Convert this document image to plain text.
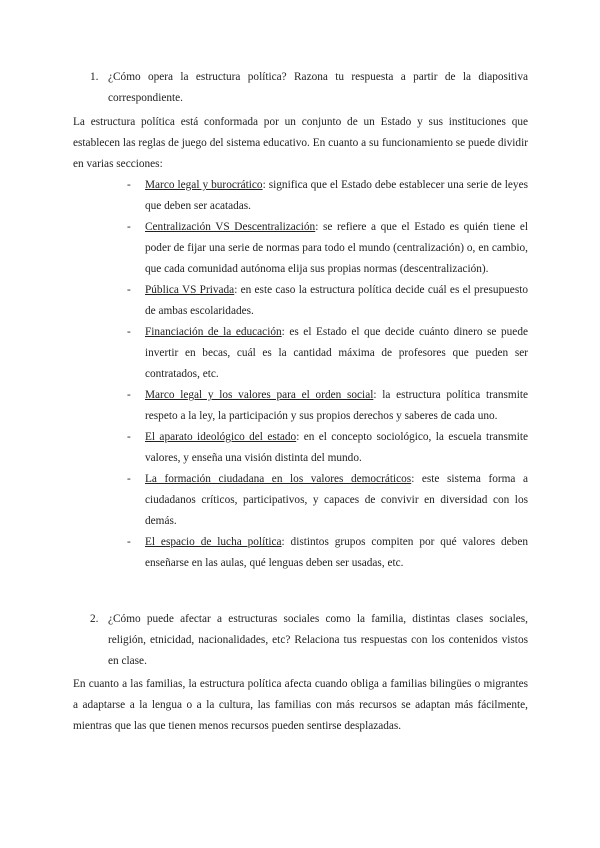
1. ¿Cómo opera la estructura política? Razona tu respuesta a partir de la diapositiva correspondiente.
La estructura política está conformada por un conjunto de un Estado y sus instituciones que establecen las reglas de juego del sistema educativo. En cuanto a su funcionamiento se puede dividir en varias secciones:
- Marco legal y burocrático: significa que el Estado debe establecer una serie de leyes que deben ser acatadas.
- Centralización VS Descentralización: se refiere a que el Estado es quién tiene el poder de fijar una serie de normas para todo el mundo (centralización) o, en cambio, que cada comunidad autónoma elija sus propias normas (descentralización).
- Pública VS Privada: en este caso la estructura política decide cuál es el presupuesto de ambas escolaridades.
- Financiación de la educación: es el Estado el que decide cuánto dinero se puede invertir en becas, cuál es la cantidad máxima de profesores que pueden ser contratados, etc.
- Marco legal y los valores para el orden social: la estructura política transmite respeto a la ley, la participación y sus propios derechos y saberes de cada uno.
- El aparato ideológico del estado: en el concepto sociológico, la escuela transmite valores, y enseña una visión distinta del mundo.
- La formación ciudadana en los valores democráticos: este sistema forma a ciudadanos críticos, participativos, y capaces de convivir en diversidad con los demás.
- El espacio de lucha política: distintos grupos compiten por qué valores deben enseñarse en las aulas, qué lenguas deben ser usadas, etc.
2. ¿Cómo puede afectar a estructuras sociales como la familia, distintas clases sociales, religión, etnicidad, nacionalidades, etc? Relaciona tus respuestas con los contenidos vistos en clase.
En cuanto a las familias, la estructura política afecta cuando obliga a familias bilingües o migrantes a adaptarse a la lengua o a la cultura, las familias con más recursos se adaptan más fácilmente, mientras que las que tienen menos recursos pueden sentirse desplazadas.
